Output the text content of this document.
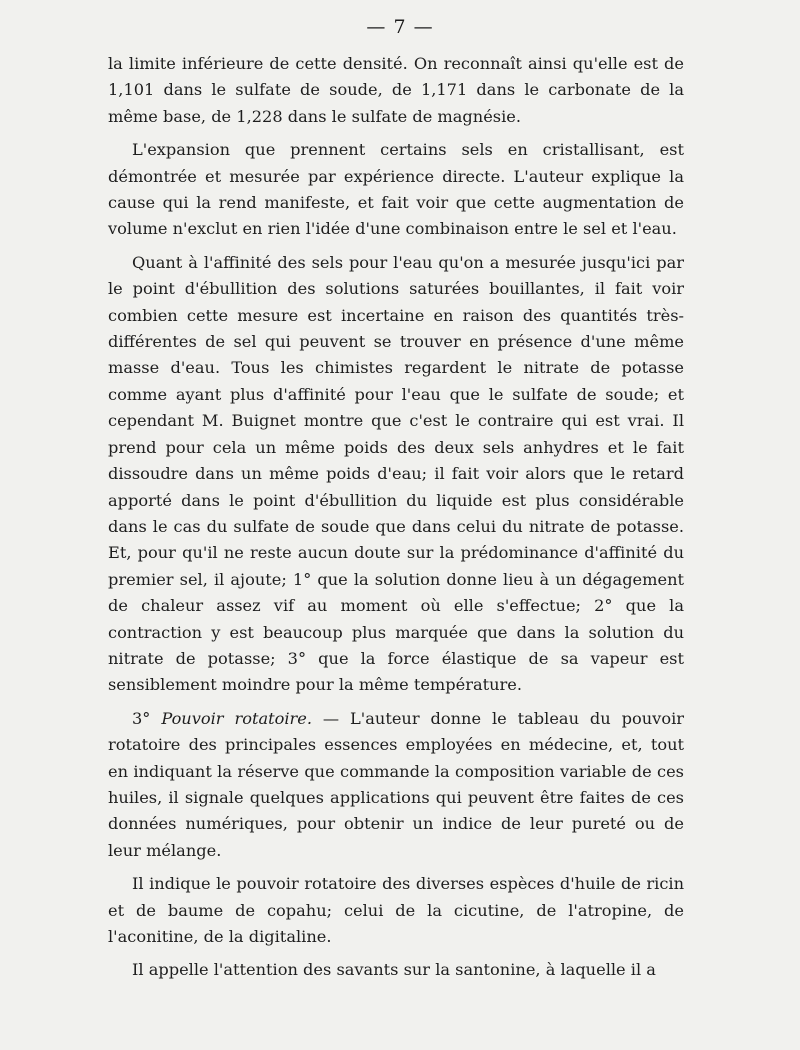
— 7 —

la limite inférieure de cette densité. On reconnaît ainsi qu'elle est de 1,101 dans le sulfate de soude, de 1,171 dans le carbonate de la même base, de 1,228 dans le sulfate de magnésie.

L'expansion que prennent certains sels en cristallisant, est démontrée et mesurée par expérience directe. L'auteur explique la cause qui la rend manifeste, et fait voir que cette augmentation de volume n'exclut en rien l'idée d'une combinaison entre le sel et l'eau.

Quant à l'affinité des sels pour l'eau qu'on a mesurée jusqu'ici par le point d'ébullition des solutions saturées bouillantes, il fait voir combien cette mesure est incertaine en raison des quantités très-différentes de sel qui peuvent se trouver en présence d'une même masse d'eau. Tous les chimistes regardent le nitrate de potasse comme ayant plus d'affinité pour l'eau que le sulfate de soude; et cependant M. Buignet montre que c'est le contraire qui est vrai. Il prend pour cela un même poids des deux sels anhydres et le fait dissoudre dans un même poids d'eau; il fait voir alors que le retard apporté dans le point d'ébullition du liquide est plus considérable dans le cas du sulfate de soude que dans celui du nitrate de potasse. Et, pour qu'il ne reste aucun doute sur la prédominance d'affinité du premier sel, il ajoute; 1° que la solution donne lieu à un dégagement de chaleur assez vif au moment où elle s'effectue; 2° que la contraction y est beaucoup plus marquée que dans la solution du nitrate de potasse; 3° que la force élastique de sa vapeur est sensiblement moindre pour la même température.

3° Pouvoir rotatoire. — L'auteur donne le tableau du pouvoir rotatoire des principales essences employées en médecine, et, tout en indiquant la réserve que commande la composition variable de ces huiles, il signale quelques applications qui peuvent être faites de ces données numériques, pour obtenir un indice de leur pureté ou de leur mélange.

Il indique le pouvoir rotatoire des diverses espèces d'huile de ricin et de baume de copahu; celui de la cicutine, de l'atropine, de l'aconitine, de la digitaline.

Il appelle l'attention des savants sur la santonine, à laquelle il a
